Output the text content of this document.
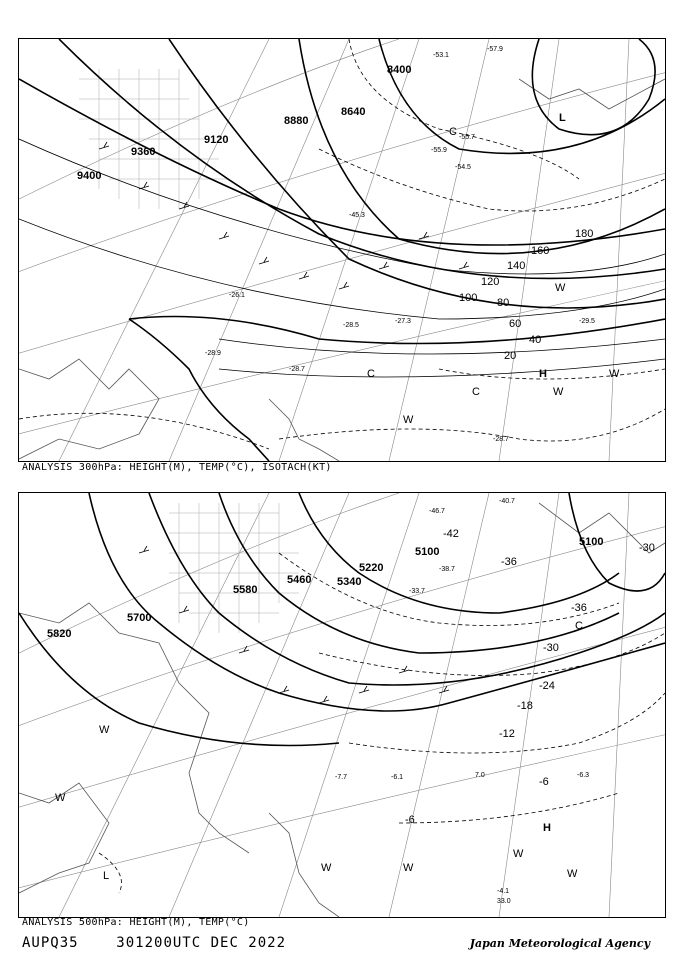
9400
9360
9120
8880
8640
8400
20
40
60
80
100
120
140
160
180
-28.9
-28.7
-27.3
-28.5
-26.1
-29.5
-28.7
-55.7
-57.9
-53.1
-55.9
-54.5
-45.3
H
L
C
C
C
W
W
W
W
ANALYSIS 300hPa: HEIGHT(M), TEMP(°C), ISOTACH(KT)
5820
5700
5580
5460 5340
5220
5100
5100
-42
-36
-36
-30
-30
-24
-18
-12
-6
-6
-6.1
-7.7
-33.7
-40.7
-46.7
-38.7
-4.1
-6.3
33.0
7.0
H
L
C
W
W
W	W
W
W
ANALYSIS 500hPa: HEIGHT(M), TEMP(°C)
AUPQ35	301200UTC DEC 2022	Japan Meteorological Agency
